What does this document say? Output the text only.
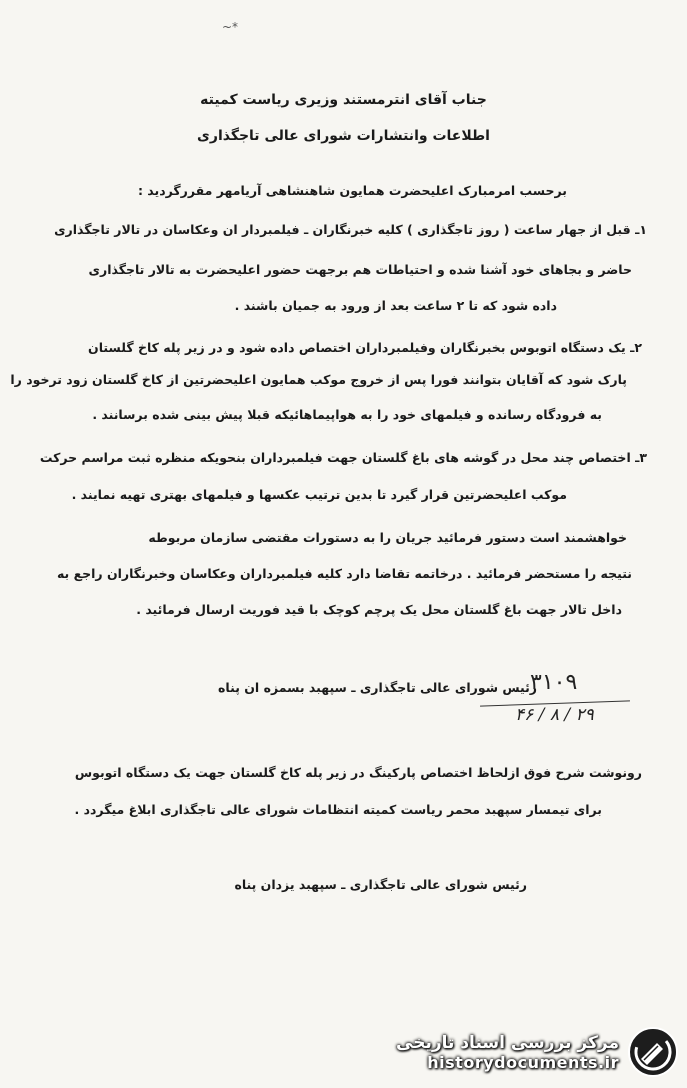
~*
جناب آقای انترمستند وزیری ریاست کمیته
اطلاعات وانتشارات شورای عالی تاجگذاری
برحسب امرمبارک اعلیحضرت همایون شاهنشاهی آریامهر مقررگردید :
۱ـ قبل از جهار ساعت ( روز تاجگذاری ) کلیه خبرنگاران ـ فیلمبردار ان وعکاسان در تالار تاجگذاری
حاضر و بجاهای خود آشنا شده و احتیاطات هم برجهت حضور اعلیحضرت به تالار تاجگذاری
داده شود که تا ۲ ساعت بعد از ورود به جمیان باشند .
۲ـ یک دستگاه اتوبوس بخبرنگاران وفیلمبرداران اختصاص داده شود و در زیر پله کاخ گلستان
پارک شود که آقایان بتوانند فورا پس از خروج موکب همایون اعلیحضرتین از کاخ گلستان زود ترخود را
به فرودگاه رسانده و فیلمهای خود را به هواپیماهائیکه قبلا پیش بینی شده برسانند .
۳ـ اختصاص چند محل در گوشه های باغ گلستان جهت فیلمبرداران بنحویکه منظره ثبت مراسم حرکت
موکب اعلیحضرتین قرار گیرد تا بدین ترتیب عکسها و فیلمهای بهتری تهیه نمایند .
خواهشمند است دستور فرمائید جریان را به دستورات مقتضی سازمان مربوطه
نتیجه را مستحضر فرمائید . درخاتمه تقاضا دارد کلیه فیلمبرداران وعکاسان وخبرنگاران راجع به
داخل تالار جهت باغ گلستان محل یک پرچم کوچک با قید فوریت ارسال فرمائید .
رئیس شورای عالی تاجگذاری ـ سپهبد بسمزه ان پناه
۳۱۰۹
۲۹ / ۸ / ۴۶
رونوشت شرح فوق ازلحاظ اختصاص پارکینگ در زیر پله کاخ گلستان جهت یک دستگاه اتوبوس
برای تیمسار سپهبد محمر ریاست کمیته انتظامات شورای عالی تاجگذاری ابلاغ میگردد .
رئیس شورای عالی تاجگذاری ـ سپهبد یزدان پناه
مرکز بررسی اسناد تاریخی
historydocuments.ir
